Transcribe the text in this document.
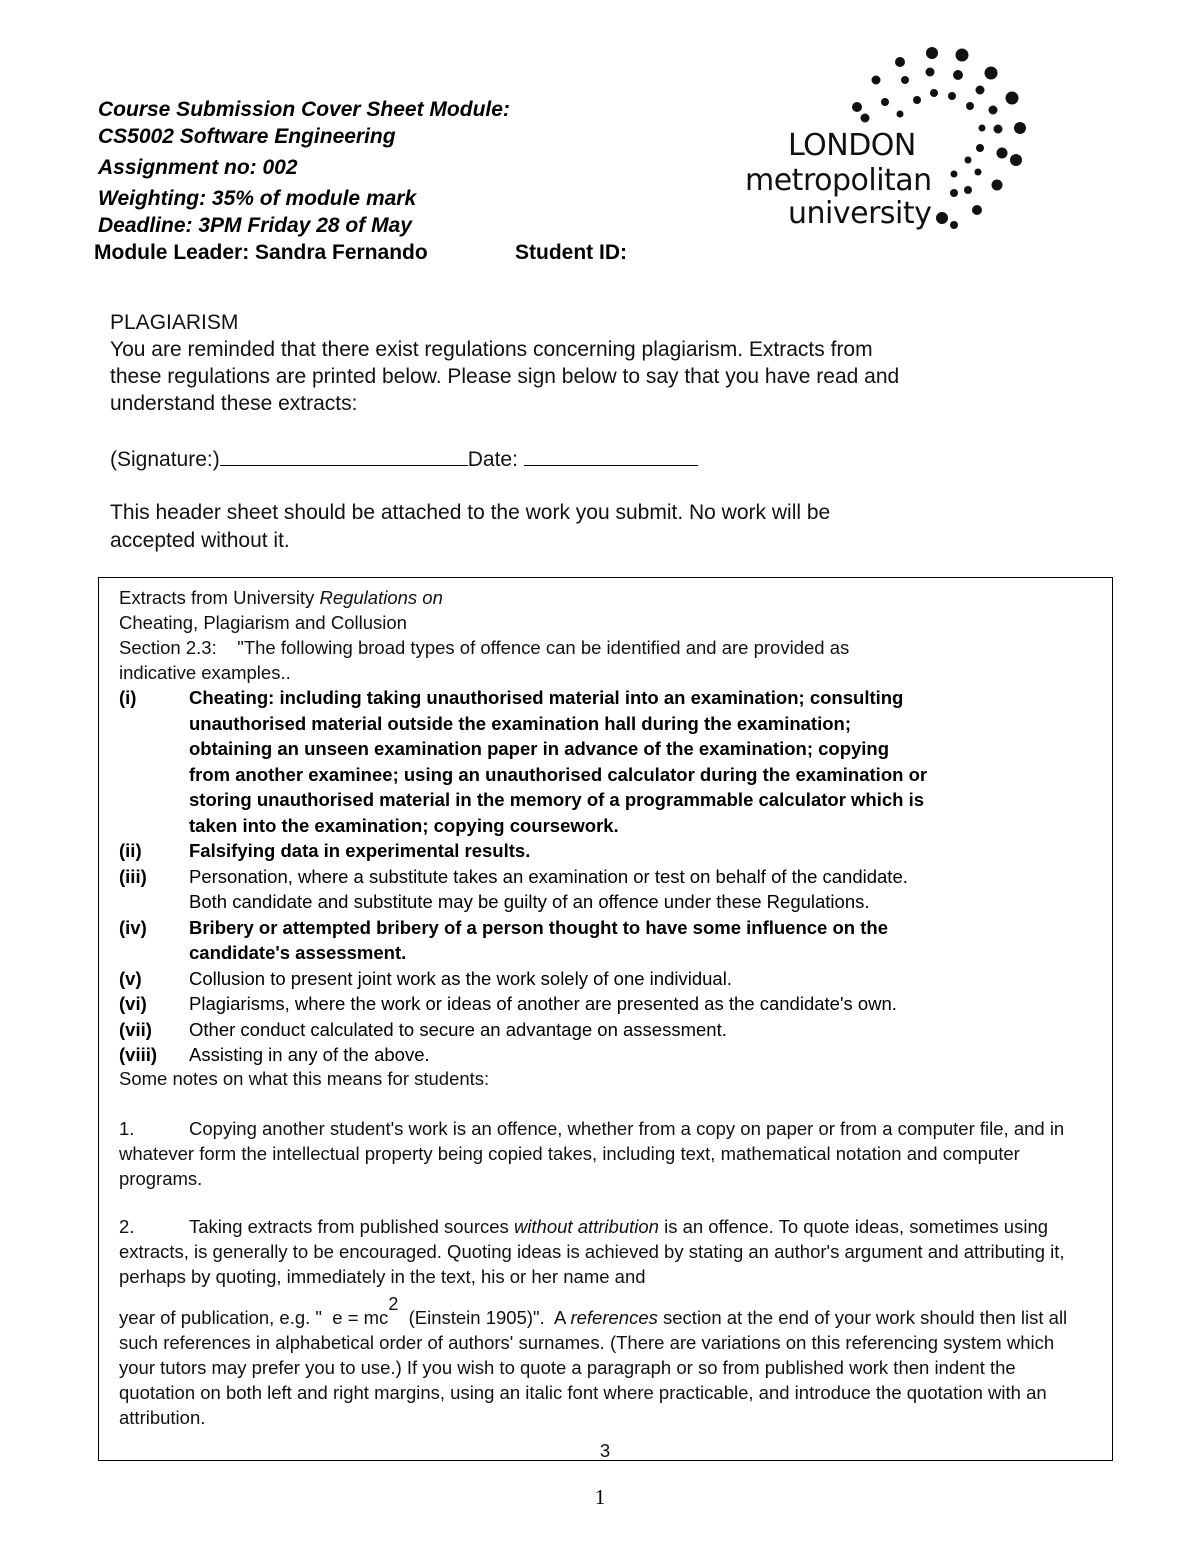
Course Submission Cover Sheet Module:
CS5002 Software Engineering
Assignment no: 002
Weighting: 35% of module mark
Deadline: 3PM Friday 28 of May
Module Leader: Sandra Fernando	Student ID:
LONDON
metropolitan
university
PLAGIARISM
You are reminded that there exist regulations concerning plagiarism. Extracts from
these regulations are printed below. Please sign below to say that you have read and
understand these extracts:
(Signature:)	Date:
This header sheet should be attached to the work you submit. No work will be
accepted without it.
Extracts from University Regulations on
Cheating, Plagiarism and Collusion
Section 2.3:    "The following broad types of offence can be identified and are provided as
indicative examples..
(i)	Cheating: including taking unauthorised material into an examination; consulting
unauthorised material outside the examination hall during the examination;
obtaining an unseen examination paper in advance of the examination; copying
from another examinee; using an unauthorised calculator during the examination or
storing unauthorised material in the memory of a programmable calculator which is
taken into the examination; copying coursework.
(ii)	Falsifying data in experimental results.
(iii) Personation, where a substitute takes an examination or test on behalf of the candidate.
Both candidate and substitute may be guilty of an offence under these Regulations.
(iv) Bribery or attempted bribery of a person thought to have some influence on the
candidate's assessment.
(v)	Collusion to present joint work as the work solely of one individual.
(vi) Plagiarisms, where the work or ideas of another are presented as the candidate's own.
(vii) Other conduct calculated to secure an advantage on assessment.
(viii) Assisting in any of the above.
Some notes on what this means for students:
1.	Copying another student's work is an offence, whether from a copy on paper or from a computer file, and in whatever form the intellectual property being copied takes, including text, mathematical notation and computer programs.
2.	Taking extracts from published sources without attribution is an offence. To quote ideas, sometimes using extracts, is generally to be encouraged. Quoting ideas is achieved by stating an author's argument and attributing it, perhaps by quoting, immediately in the text, his or her name and
year of publication, e.g. "  $e = mc^2$  (Einstein 1905)".  A references section at the end of your work should then list all such references in alphabetical order of authors' surnames. (There are variations on this referencing system which your tutors may prefer you to use.) If you wish to quote a paragraph or so from published work then indent the quotation on both left and right margins, using an italic font where practicable, and introduce the quotation with an attribution.
3
1
